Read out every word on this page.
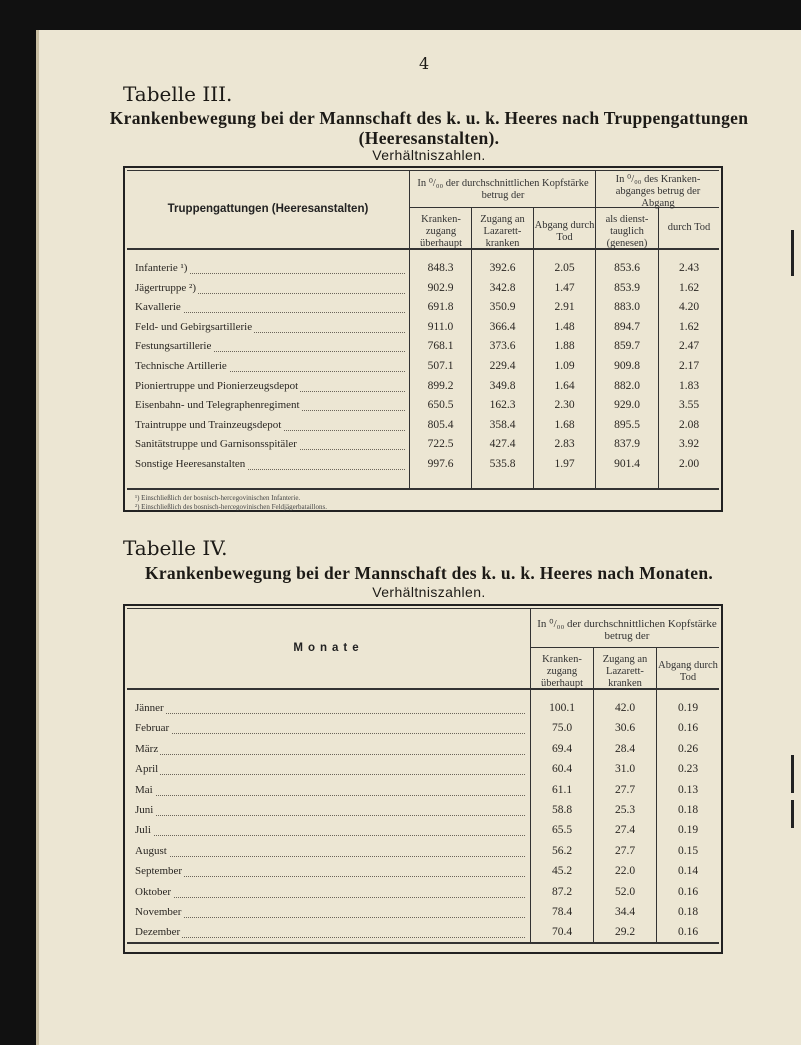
4
Tabelle III.
Krankenbewegung bei der Mannschaft des k. u. k. Heeres nach Truppengattungen
(Heeresanstalten).
Verhältniszahlen.
Truppengattungen (Heeresanstalten)
In ⁰/₀₀ der durchschnittlichen Kopfstärke betrug der
In ⁰/₀₀ des Kranken-abganges betrug der Abgang
Kranken-zugang überhaupt
Zugang an Lazarett-kranken
Abgang durch Tod
als dienst-tauglich (genesen)
durch Tod
Infanterie ¹)	848.3	392.6	2.05	853.6	2.43
Jägertruppe ²)	902.9	342.8	1.47	853.9	1.62
Kavallerie	691.8	350.9	2.91	883.0	4.20
Feld- und Gebirgsartillerie	911.0	366.4	1.48	894.7	1.62
Festungsartillerie	768.1	373.6	1.88	859.7	2.47
Technische Artillerie	507.1	229.4	1.09	909.8	2.17
Pioniertruppe und Pionierzeugsdepot	899.2	349.8	1.64	882.0	1.83
Eisenbahn- und Telegraphenregiment	650.5	162.3	2.30	929.0	3.55
Traintruppe und Trainzeugsdepot	805.4	358.4	1.68	895.5	2.08
Sanitätstruppe und Garnisonsspitäler	722.5	427.4	2.83	837.9	3.92
Sonstige Heeresanstalten	997.6	535.8	1.97	901.4	2.00
¹) Einschließlich der bosnisch-hercegovinischen Infanterie.
²) Einschließlich des bosnisch-hercegovinischen Feldjägerbataillons.
Tabelle IV.
Krankenbewegung bei der Mannschaft des k. u. k. Heeres nach Monaten.
Verhältniszahlen.
Monate
In ⁰/₀₀ der durchschnittlichen Kopfstärke betrug der
Kranken-zugang überhaupt
Zugang an Lazarett-kranken
Abgang durch Tod
Jänner	100.1	42.0	0.19
Februar	75.0	30.6	0.16
März	69.4	28.4	0.26
April	60.4	31.0	0.23
Mai	61.1	27.7	0.13
Juni	58.8	25.3	0.18
Juli	65.5	27.4	0.19
August	56.2	27.7	0.15
September	45.2	22.0	0.14
Oktober	87.2	52.0	0.16
November	78.4	34.4	0.18
Dezember	70.4	29.2	0.16
